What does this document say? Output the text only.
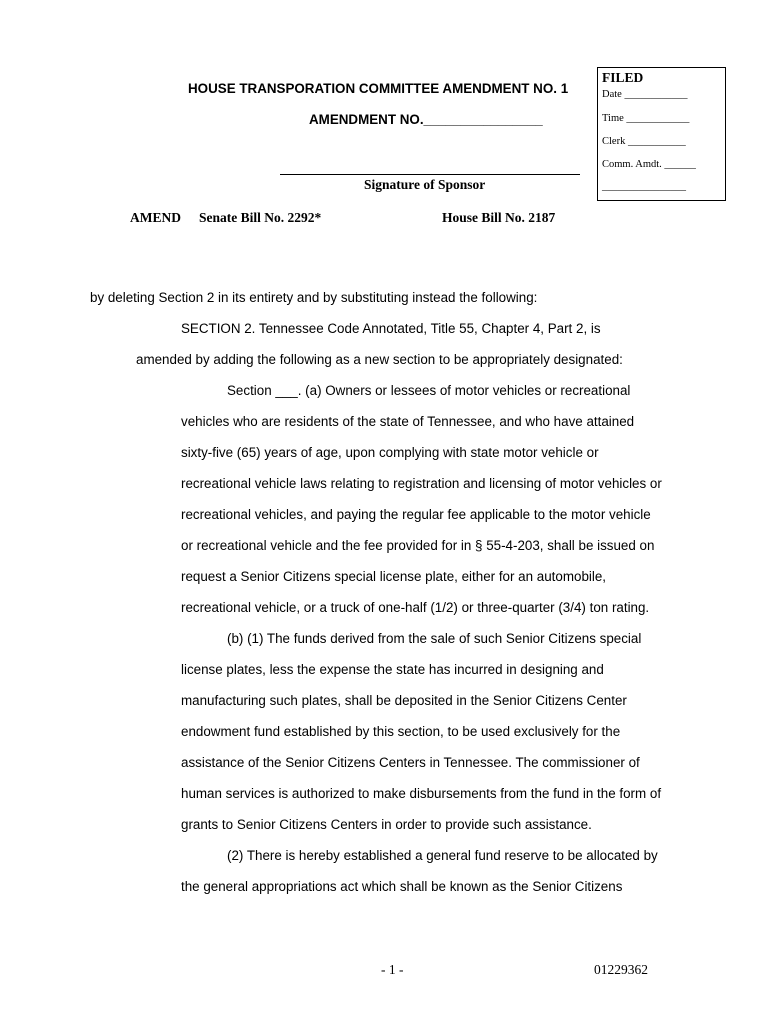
HOUSE TRANSPORATION COMMITTEE AMENDMENT NO. 1
AMENDMENT NO.________________
Signature of Sponsor
AMEND Senate Bill No. 2292*	House Bill No. 2187
FILED
Date ____________
Time ____________
Clerk ___________
Comm. Amdt. ______
________________
by deleting Section 2 in its entirety and by substituting instead the following:
SECTION 2. Tennessee Code Annotated, Title 55, Chapter 4, Part 2, is
amended by adding the following as a new section to be appropriately designated:
Section ___. (a) Owners or lessees of motor vehicles or recreational
vehicles who are residents of the state of Tennessee, and who have attained
sixty-five (65) years of age, upon complying with state motor vehicle or
recreational vehicle laws relating to registration and licensing of motor vehicles or
recreational vehicles, and paying the regular fee applicable to the motor vehicle
or recreational vehicle and the fee provided for in § 55-4-203, shall be issued on
request a Senior Citizens special license plate, either for an automobile,
recreational vehicle, or a truck of one-half (1/2) or three-quarter (3/4) ton rating.
(b) (1) The funds derived from the sale of such Senior Citizens special
license plates, less the expense the state has incurred in designing and
manufacturing such plates, shall be deposited in the Senior Citizens Center
endowment fund established by this section, to be used exclusively for the
assistance of the Senior Citizens Centers in Tennessee. The commissioner of
human services is authorized to make disbursements from the fund in the form of
grants to Senior Citizens Centers in order to provide such assistance.
(2) There is hereby established a general fund reserve to be allocated by
the general appropriations act which shall be known as the Senior Citizens
- 1 -	01229362
